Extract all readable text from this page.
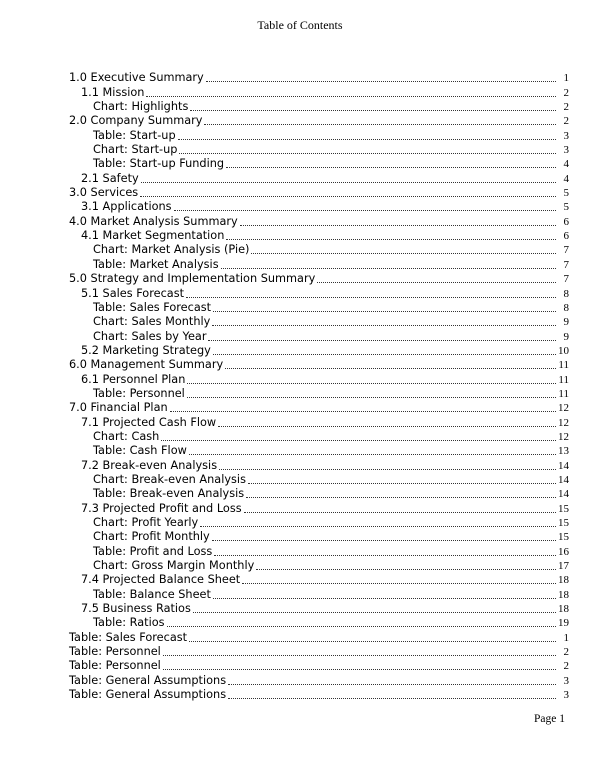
Table of Contents
1.0 Executive Summary	1
1.1 Mission	2
Chart: Highlights	2
2.0 Company Summary	2
Table: Start-up	3
Chart: Start-up	3
Table: Start-up Funding	4
2.1 Safety	4
3.0 Services	5
3.1 Applications	5
4.0 Market Analysis Summary	6
4.1 Market Segmentation	6
Chart: Market Analysis (Pie)	7
Table: Market Analysis	7
5.0 Strategy and Implementation Summary	7
5.1 Sales Forecast	8
Table: Sales Forecast	8
Chart: Sales Monthly	9
Chart: Sales by Year	9
5.2 Marketing Strategy	10
6.0 Management Summary	11
6.1 Personnel Plan	11
Table: Personnel	11
7.0 Financial Plan	12
7.1 Projected Cash Flow	12
Chart: Cash	12
Table: Cash Flow	13
7.2 Break-even Analysis	14
Chart: Break-even Analysis	14
Table: Break-even Analysis	14
7.3 Projected Profit and Loss	15
Chart: Profit Yearly	15
Chart: Profit Monthly	15
Table: Profit and Loss	16
Chart: Gross Margin Monthly	17
7.4 Projected Balance Sheet	18
Table: Balance Sheet	18
7.5 Business Ratios	18
Table: Ratios	19
Table: Sales Forecast	1
Table: Personnel	2
Table: Personnel	2
Table: General Assumptions	3
Table: General Assumptions	3
Page 1
